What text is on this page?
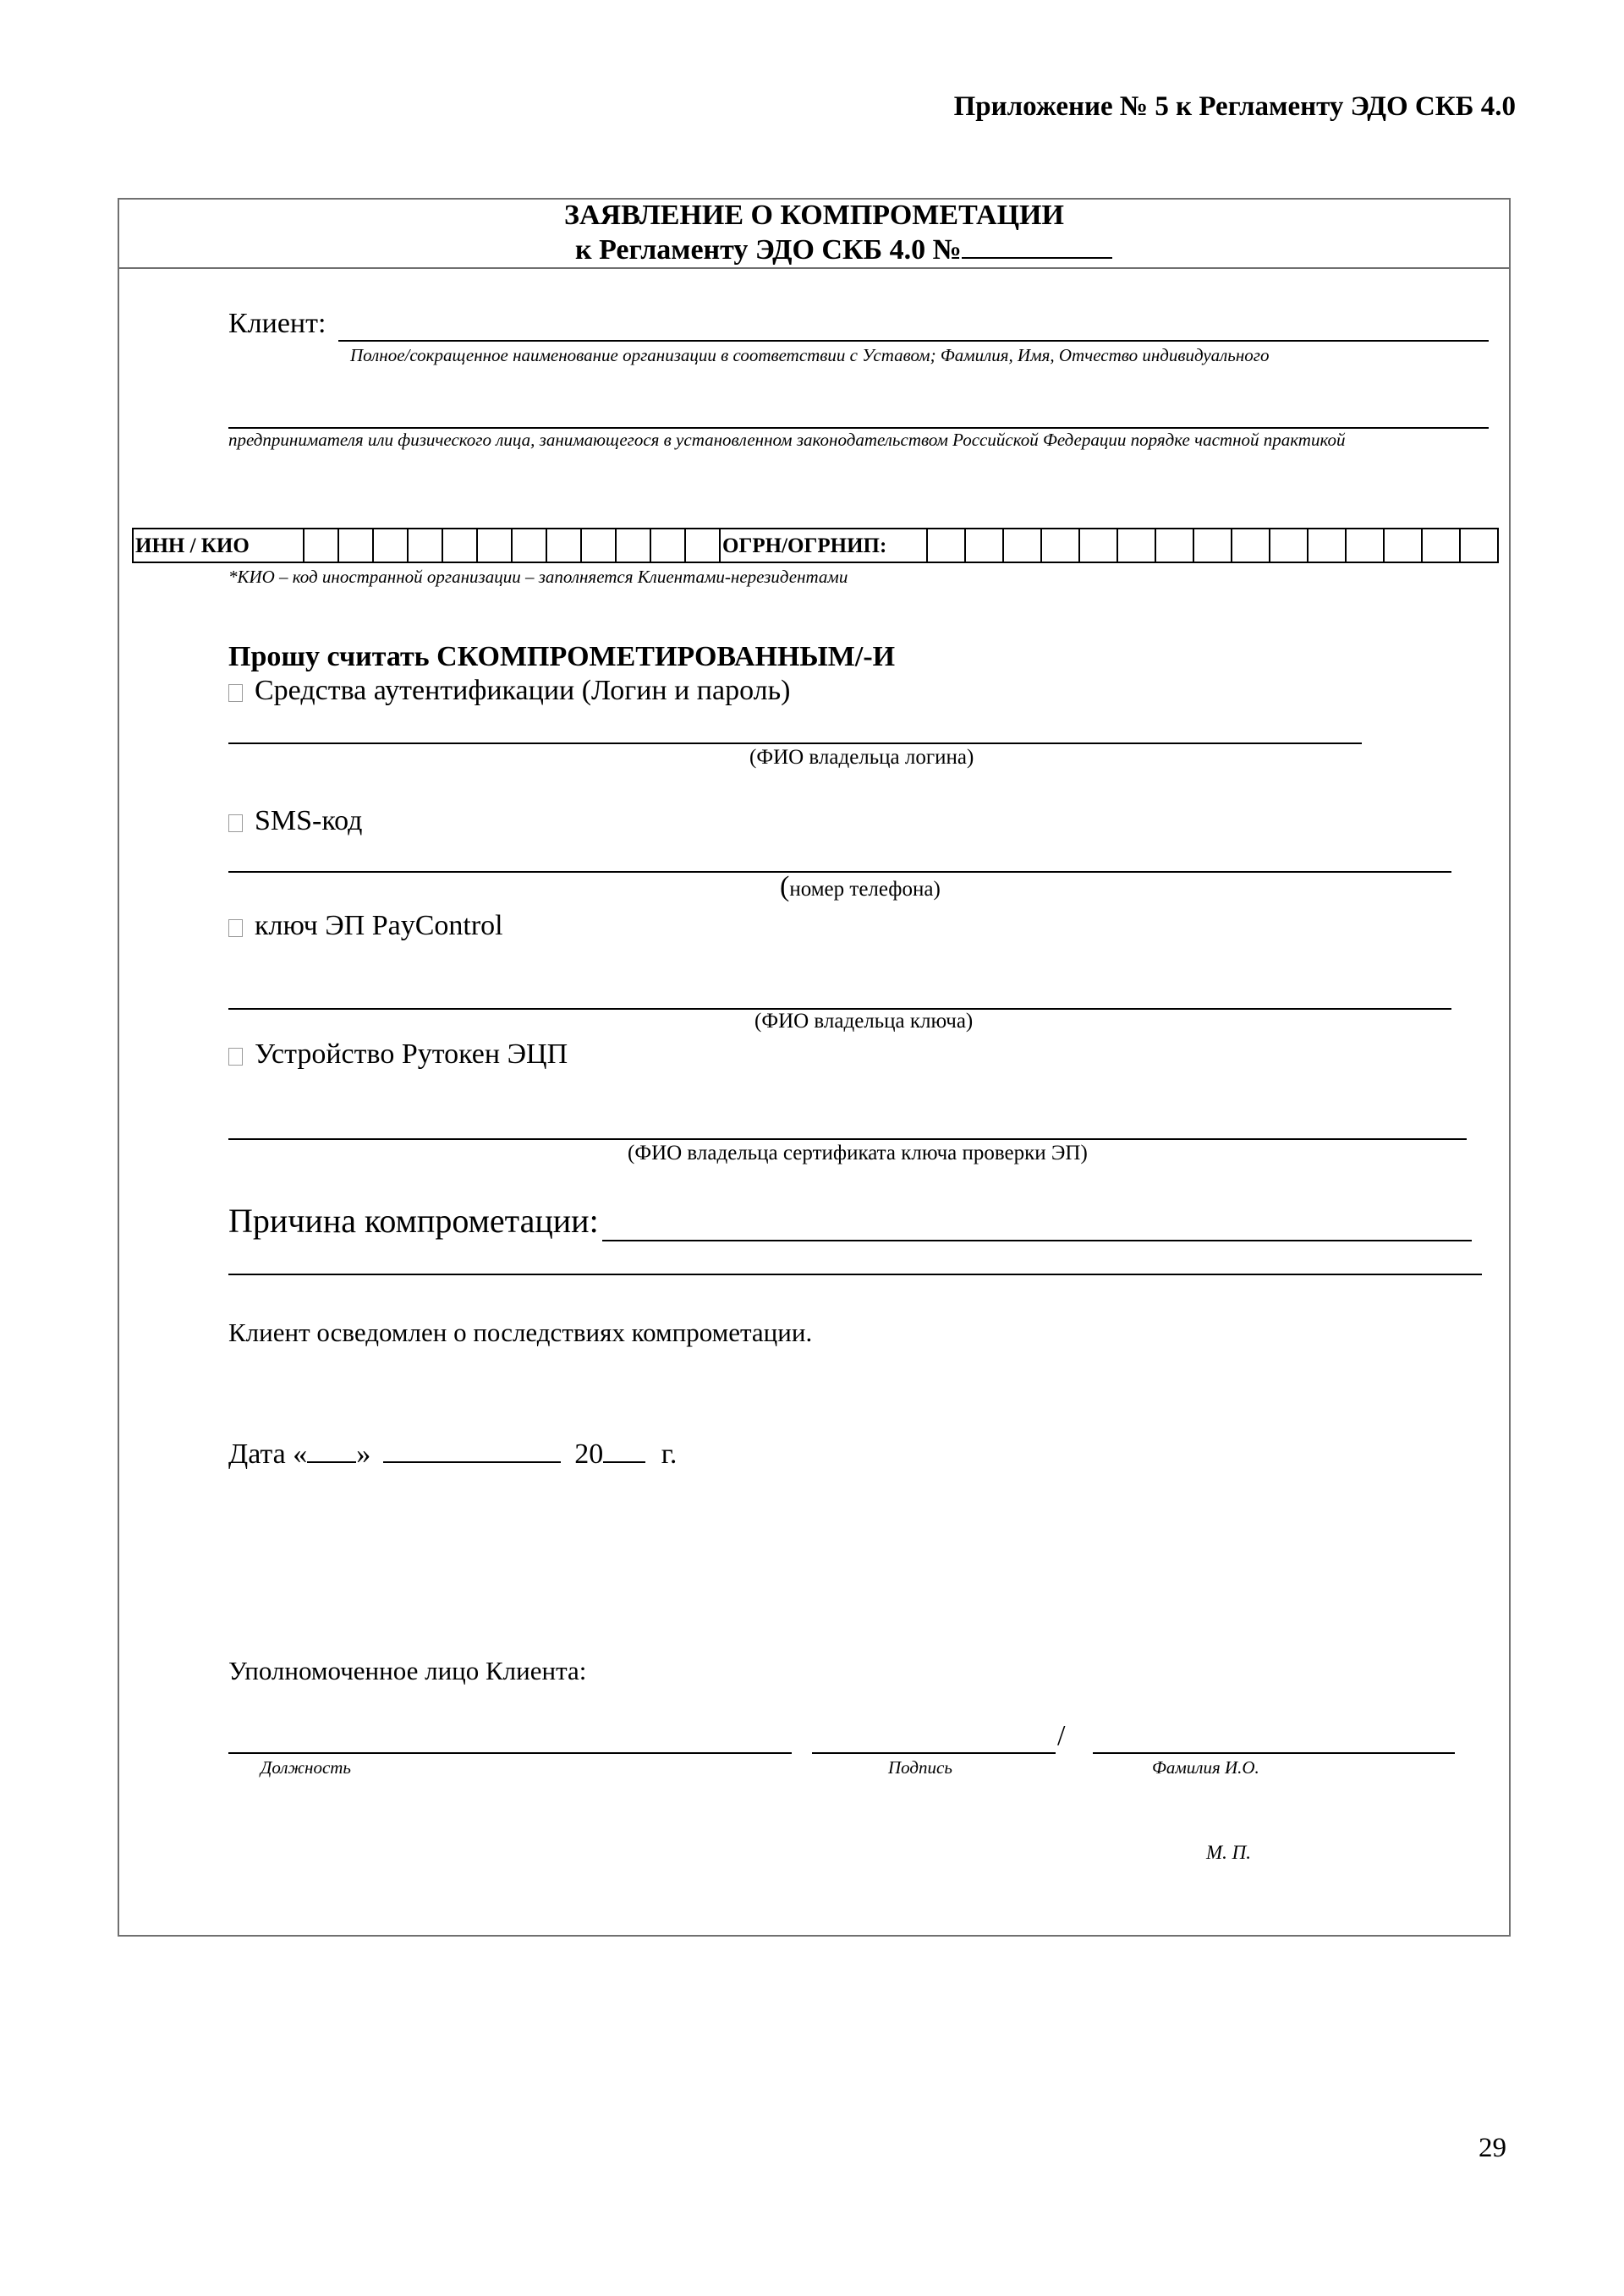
Приложение № 5 к Регламенту ЭДО СКБ 4.0
ЗАЯВЛЕНИЕ О КОМПРОМЕТАЦИИ
к Регламенту ЭДО СКБ 4.0 №
Клиент:
Полное/сокращенное наименование организации в соответствии с Уставом; Фамилия, Имя, Отчество индивидуального
предпринимателя или физического лица, занимающегося в установленном законодательством Российской Федерации порядке частной практикой
ИНН / КИО	ОГРН/ОГРНИП:
*КИО – код иностранной организации – заполняется Клиентами-нерезидентами
Прошу считать СКОМПРОМЕТИРОВАННЫМ/-И
Средства аутентификации (Логин и пароль)
(ФИО владельца логина)
SMS-код
(номер телефона)
ключ ЭП PayControl
(ФИО владельца ключа)
Устройство Рутокен ЭЦП
(ФИО владельца сертификата ключа проверки ЭП)
Причина компрометации:
Клиент осведомлен о последствиях компрометации.
Дата « »	20 г.
Уполномоченное лицо Клиента:
/
Должность	Подпись	Фамилия И.О.
М. П.
29
